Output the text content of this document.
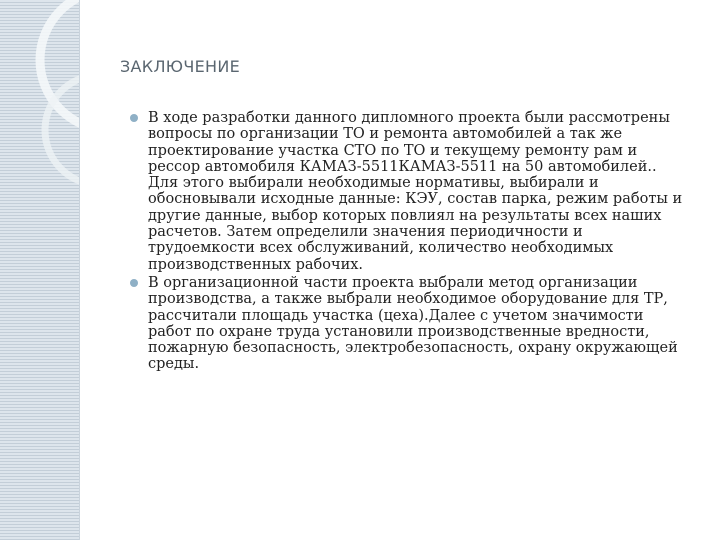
ЗАКЛЮЧЕНИЕ
В ходе разработки данного дипломного проекта были рассмотрены вопросы по организации ТО и ремонта автомобилей а так же проектирование участка СТО по ТО и текущему ремонту рам и рессор автомобиля КАМАЗ-5511КАМАЗ-5511 на 50 автомобилей.. Для этого выбирали необходимые нормативы, выбирали и обосновывали исходные данные: КЭУ, состав парка, режим работы и другие данные, выбор которых повлиял на результаты всех наших расчетов. Затем определили значения периодичности и трудоемкости всех обслуживаний, количество необходимых производственных рабочих.
В организационной части проекта выбрали метод организации производства, а также выбрали необходимое оборудование для ТР, рассчитали площадь участка (цеха).Далее с учетом значимости работ по охране труда установили производственные вредности, пожарную безопасность, электробезопасность, охрану окружающей среды.
